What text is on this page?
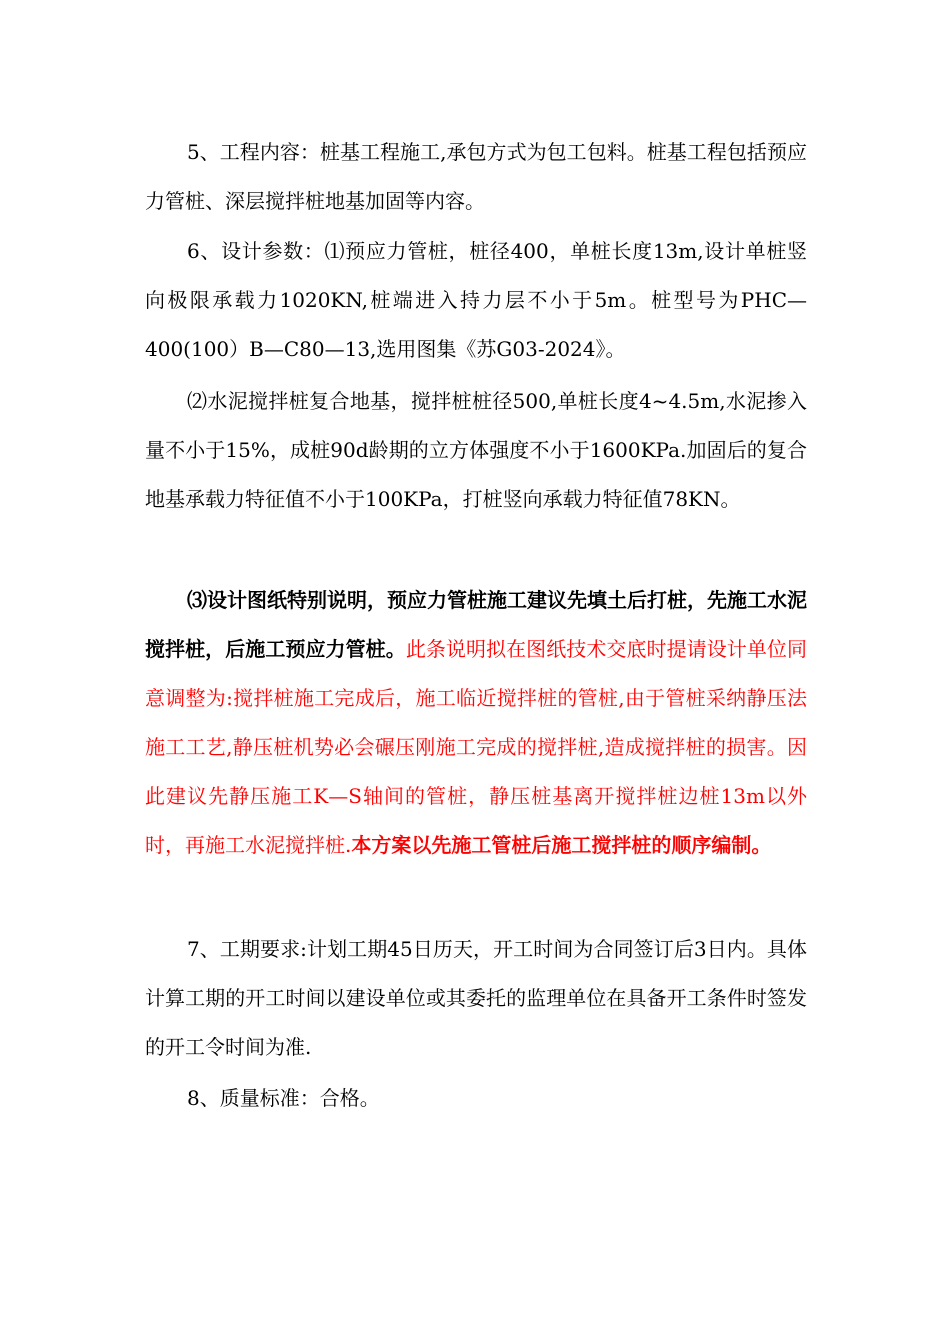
5、工程内容：桩基工程施工,承包方式为包工包料。桩基工程包括预应力管桩、深层搅拌桩地基加固等内容。

6、设计参数：⑴预应力管桩，桩径400，单桩长度13m,设计单桩竖向极限承载力1020KN,桩端进入持力层不小于5m。桩型号为PHC—400(100）B—C80—13,选用图集《苏G03-2024》。

⑵水泥搅拌桩复合地基，搅拌桩桩径500,单桩长度4~4.5m,水泥掺入量不小于15%，成桩90d龄期的立方体强度不小于1600KPa.加固后的复合地基承载力特征值不小于100KPa，打桩竖向承载力特征值78KN。

⑶设计图纸特别说明，预应力管桩施工建议先填土后打桩，先施工水泥搅拌桩，后施工预应力管桩。此条说明拟在图纸技术交底时提请设计单位同意调整为:搅拌桩施工完成后，施工临近搅拌桩的管桩,由于管桩采纳静压法施工工艺,静压桩机势必会碾压刚施工完成的搅拌桩,造成搅拌桩的损害。因此建议先静压施工K—S轴间的管桩，静压桩基离开搅拌桩边桩13m以外时，再施工水泥搅拌桩.本方案以先施工管桩后施工搅拌桩的顺序编制。

7、工期要求:计划工期45日历天，开工时间为合同签订后3日内。具体计算工期的开工时间以建设单位或其委托的监理单位在具备开工条件时签发的开工令时间为准.

8、质量标准：合格。
